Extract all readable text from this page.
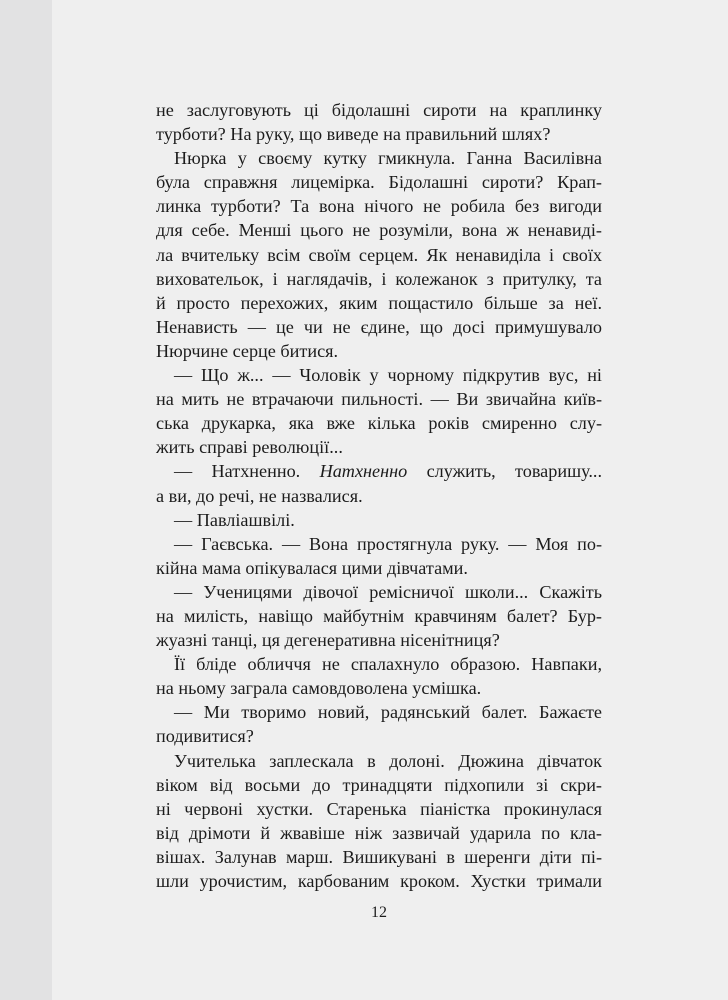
не заслуговують ці бідолашні сироти на краплинку
турботи? На руку, що виведе на правильний шлях?
Нюрка у своєму кутку гмикнула. Ганна Василівна
була справжня лицемірка. Бідолашні сироти? Крап-
линка турботи? Та вона нічого не робила без вигоди
для себе. Менші цього не розуміли, вона ж ненавиді-
ла вчительку всім своїм серцем. Як ненавиділа і своїх
виховательок, і наглядачів, і колежанок з притулку, та
й просто перехожих, яким пощастило більше за неї.
Ненависть — це чи не єдине, що досі примушувало
Нюрчине серце битися.
— Що ж... — Чоловік у чорному підкрутив вус, ні
на мить не втрачаючи пильності. — Ви звичайна київ-
ська друкарка, яка вже кілька років смиренно слу-
жить справі революції...
— Натхненно. Натхненно служить, товаришу...
а ви, до речі, не назвалися.
— Павліашвілі.
— Гаєвська. — Вона простягнула руку. — Моя по-
кійна мама опікувалася цими дівчатами.
— Ученицями дівочої ремісничої школи... Скажіть
на милість, навіщо майбутнім кравчиням балет? Бур-
жуазні танці, ця дегенеративна нісенітниця?
Її бліде обличчя не спалахнуло образою. Навпаки,
на ньому заграла самовдоволена усмішка.
— Ми творимо новий, радянський балет. Бажаєте
подивитися?
Учителька заплескала в долоні. Дюжина дівчаток
віком від восьми до тринадцяти підхопили зі скри-
ні червоні хустки. Старенька піаністка прокинулася
від дрімоти й жвавіше ніж зазвичай ударила по кла-
вішах. Залунав марш. Вишикувані в шеренги діти пі-
шли урочистим, карбованим кроком. Хустки тримали
12
